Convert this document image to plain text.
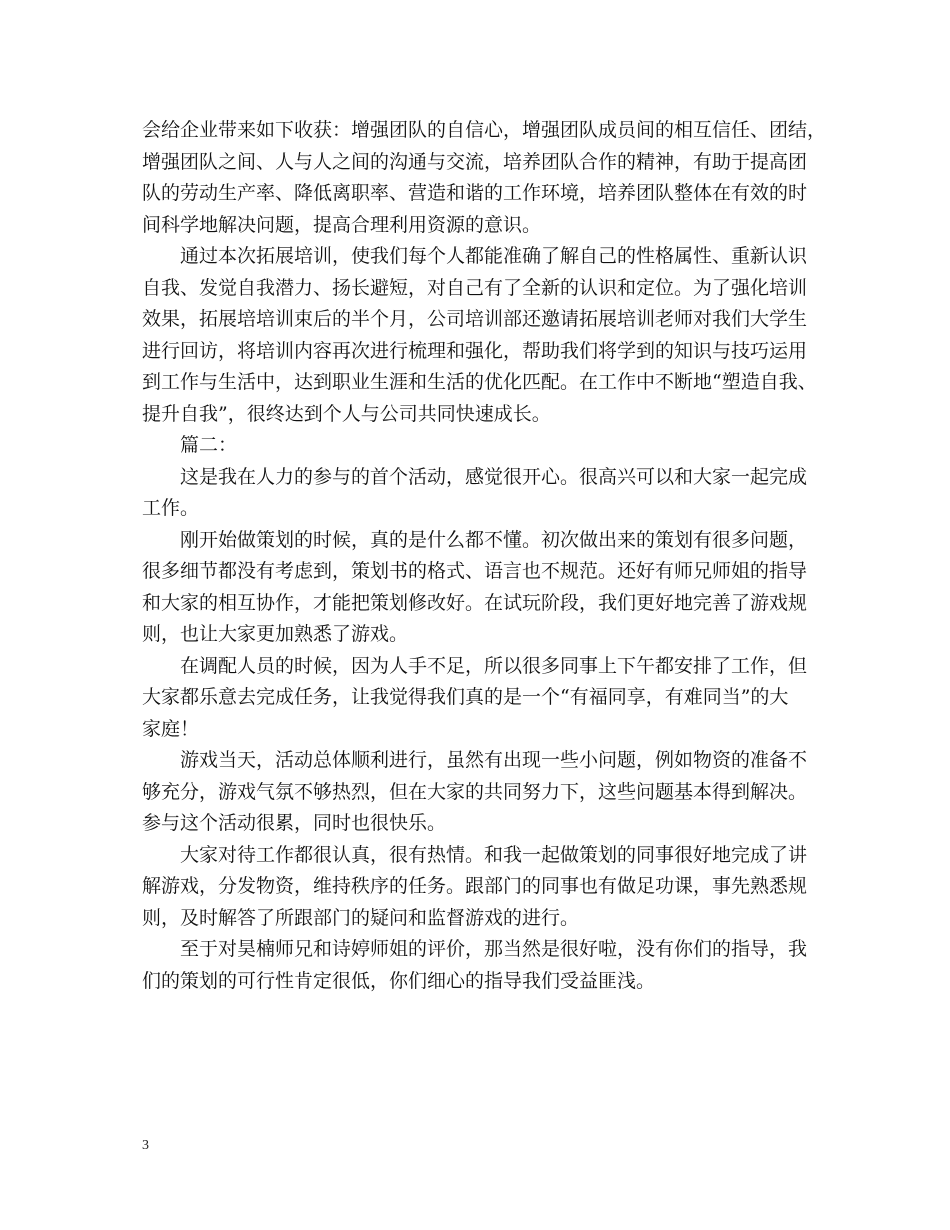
会给企业带来如下收获：增强团队的自信心，增强团队成员间的相互信任、团结，
增强团队之间、人与人之间的沟通与交流，培养团队合作的精神，有助于提高团
队的劳动生产率、降低离职率、营造和谐的工作环境，培养团队整体在有效的时
间科学地解决问题，提高合理利用资源的意识。
通过本次拓展培训，使我们每个人都能准确了解自己的性格属性、重新认识
自我、发觉自我潜力、扬长避短，对自己有了全新的认识和定位。为了强化培训
效果，拓展培培训束后的半个月，公司培训部还邀请拓展培训老师对我们大学生
进行回访，将培训内容再次进行梳理和强化，帮助我们将学到的知识与技巧运用
到工作与生活中，达到职业生涯和生活的优化匹配。在工作中不断地“塑造自我、
提升自我”，很终达到个人与公司共同快速成长。
篇二：
这是我在人力的参与的首个活动，感觉很开心。很高兴可以和大家一起完成
工作。
刚开始做策划的时候，真的是什么都不懂。初次做出来的策划有很多问题，
很多细节都没有考虑到，策划书的格式、语言也不规范。还好有师兄师姐的指导
和大家的相互协作，才能把策划修改好。在试玩阶段，我们更好地完善了游戏规
则，也让大家更加熟悉了游戏。
在调配人员的时候，因为人手不足，所以很多同事上下午都安排了工作，但
大家都乐意去完成任务，让我觉得我们真的是一个“有福同享，有难同当”的大
家庭！
游戏当天，活动总体顺利进行，虽然有出现一些小问题，例如物资的准备不
够充分，游戏气氛不够热烈，但在大家的共同努力下，这些问题基本得到解决。
参与这个活动很累，同时也很快乐。
大家对待工作都很认真，很有热情。和我一起做策划的同事很好地完成了讲
解游戏，分发物资，维持秩序的任务。跟部门的同事也有做足功课，事先熟悉规
则，及时解答了所跟部门的疑问和监督游戏的进行。
至于对昊楠师兄和诗婷师姐的评价，那当然是很好啦，没有你们的指导，我
们的策划的可行性肯定很低，你们细心的指导我们受益匪浅。
3
